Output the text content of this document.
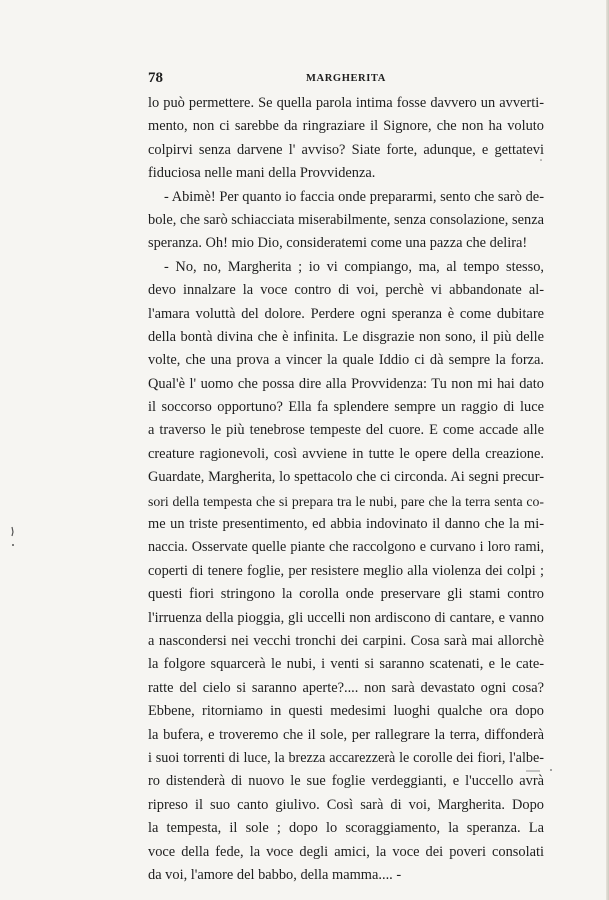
78	MARGHERITA
lo può permettere. Se quella parola intima fosse davvero un avverti-
mento, non ci sarebbe da ringraziare il Signore, che non ha voluto
colpirvi senza darvene l' avviso? Siate forte, adunque, e gettatevi
fiduciosa nelle mani della Provvidenza.
- Abimè! Per quanto io faccia onde prepararmi, sento che sarò de-
bole, che sarò schiacciata miserabilmente, senza consolazione, senza
speranza. Oh! mio Dio, consideratemi come una pazza che delira!
- No, no, Margherita ; io vi compiango, ma, al tempo stesso,
devo innalzare la voce contro di voi, perchè vi abbandonate al-
l'amara voluttà del dolore. Perdere ogni speranza è come dubitare
della bontà divina che è infinita. Le disgrazie non sono, il più delle
volte, che una prova a vincer la quale Iddio ci dà sempre la forza.
Qual'è l' uomo che possa dire alla Provvidenza: Tu non mi hai dato
il soccorso opportuno? Ella fa splendere sempre un raggio di luce
a traverso le più tenebrose tempeste del cuore. E come accade alle
creature ragionevoli, così avviene in tutte le opere della creazione.
Guardate, Margherita, lo spettacolo che ci circonda. Ai segni precur-
sori della tempesta che si prepara tra le nubi, pare che la terra senta co-
me un triste presentimento, ed abbia indovinato il danno che la mi-
naccia. Osservate quelle piante che raccolgono e curvano i loro rami,
coperti di tenere foglie, per resistere meglio alla violenza dei colpi ;
questi fiori stringono la corolla onde preservare gli stami contro
l'irruenza della pioggia, gli uccelli non ardiscono di cantare, e vanno
a nascondersi nei vecchi tronchi dei carpini. Cosa sarà mai allorchè
la folgore squarcerà le nubi, i venti si saranno scatenati, e le cate-
ratte del cielo si saranno aperte?.... non sarà devastato ogni cosa?
Ebbene, ritorniamo in questi medesimi luoghi qualche ora dopo
la bufera, e troveremo che il sole, per rallegrare la terra, diffonderà
i suoi torrenti di luce, la brezza accarezzerà le corolle dei fiori, l'albe-
ro distenderà di nuovo le sue foglie verdeggianti, e l'uccello avrà
ripreso il suo canto giulivo. Così sarà di voi, Margherita. Dopo
la tempesta, il sole ; dopo lo scoraggiamento, la speranza. La
voce della fede, la voce degli amici, la voce dei poveri consolati
da voi, l'amore del babbo, della mamma.... -
